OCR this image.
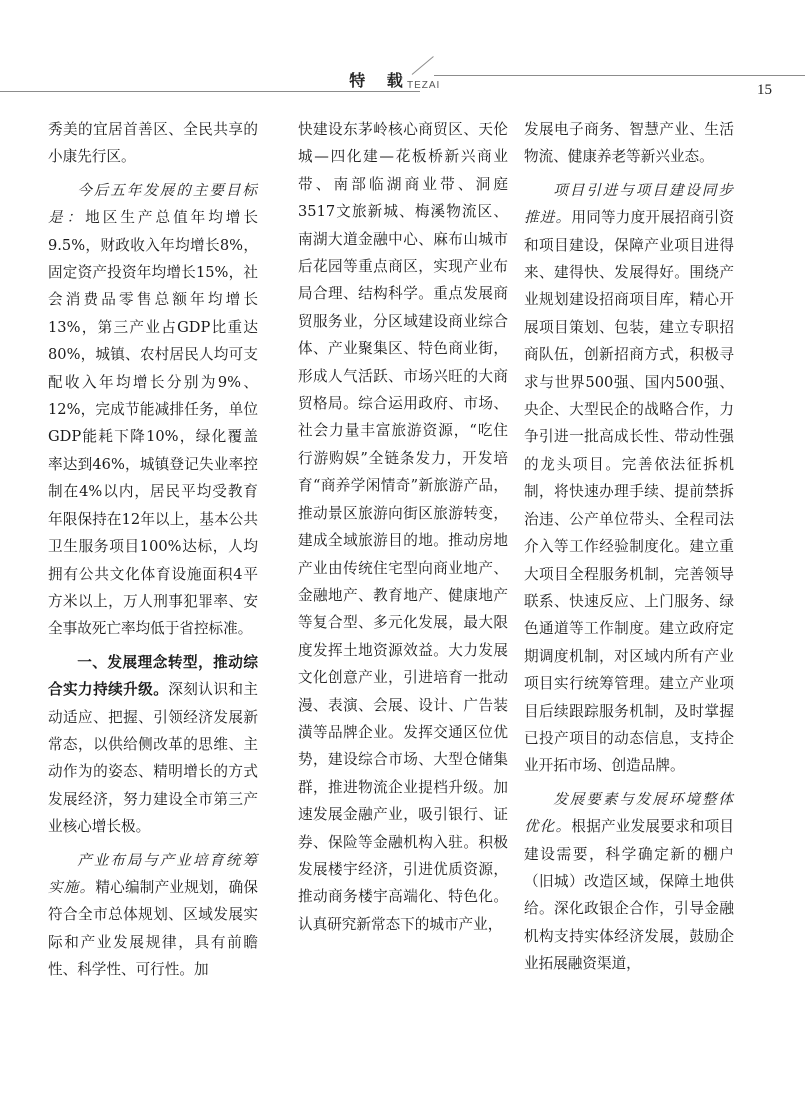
特 载
TEZAI	15

秀美的宜居首善区、全民共享的小康先行区。

今后五年发展的主要目标是：地区生产总值年均增长9.5%，财政收入年均增长8%，固定资产投资年均增长15%，社会消费品零售总额年均增长13%，第三产业占GDP比重达80%，城镇、农村居民人均可支配收入年均增长分别为9%、12%，完成节能减排任务，单位GDP能耗下降10%，绿化覆盖率达到46%，城镇登记失业率控制在4%以内，居民平均受教育年限保持在12年以上，基本公共卫生服务项目100%达标，人均拥有公共文化体育设施面积4平方米以上，万人刑事犯罪率、安全事故死亡率均低于省控标准。

一、发展理念转型，推动综合实力持续升级。深刻认识和主动适应、把握、引领经济发展新常态，以供给侧改革的思维、主动作为的姿态、精明增长的方式发展经济，努力建设全市第三产业核心增长极。

产业布局与产业培育统筹实施。精心编制产业规划，确保符合全市总体规划、区域发展实际和产业发展规律，具有前瞻性、科学性、可行性。加

快建设东茅岭核心商贸区、天伦城—四化建—花板桥新兴商业带、南部临湖商业带、洞庭3517文旅新城、梅溪物流区、南湖大道金融中心、麻布山城市后花园等重点商区，实现产业布局合理、结构科学。重点发展商贸服务业，分区域建设商业综合体、产业聚集区、特色商业街，形成人气活跃、市场兴旺的大商贸格局。综合运用政府、市场、社会力量丰富旅游资源，“吃住行游购娱”全链条发力，开发培育“商养学闲情奇”新旅游产品，推动景区旅游向街区旅游转变，建成全域旅游目的地。推动房地产业由传统住宅型向商业地产、金融地产、教育地产、健康地产等复合型、多元化发展，最大限度发挥土地资源效益。大力发展文化创意产业，引进培育一批动漫、表演、会展、设计、广告装潢等品牌企业。发挥交通区位优势，建设综合市场、大型仓储集群，推进物流企业提档升级。加速发展金融产业，吸引银行、证券、保险等金融机构入驻。积极发展楼宇经济，引进优质资源，推动商务楼宇高端化、特色化。认真研究新常态下的城市产业，

发展电子商务、智慧产业、生活物流、健康养老等新兴业态。

项目引进与项目建设同步推进。用同等力度开展招商引资和项目建设，保障产业项目进得来、建得快、发展得好。围绕产业规划建设招商项目库，精心开展项目策划、包装，建立专职招商队伍，创新招商方式，积极寻求与世界500强、国内500强、央企、大型民企的战略合作，力争引进一批高成长性、带动性强的龙头项目。完善依法征拆机制，将快速办理手续、提前禁拆治违、公产单位带头、全程司法介入等工作经验制度化。建立重大项目全程服务机制，完善领导联系、快速反应、上门服务、绿色通道等工作制度。建立政府定期调度机制，对区域内所有产业项目实行统筹管理。建立产业项目后续跟踪服务机制，及时掌握已投产项目的动态信息，支持企业开拓市场、创造品牌。

发展要素与发展环境整体优化。根据产业发展要求和项目建设需要，科学确定新的棚户（旧城）改造区域，保障土地供给。深化政银企合作，引导金融机构支持实体经济发展，鼓励企业拓展融资渠道，
